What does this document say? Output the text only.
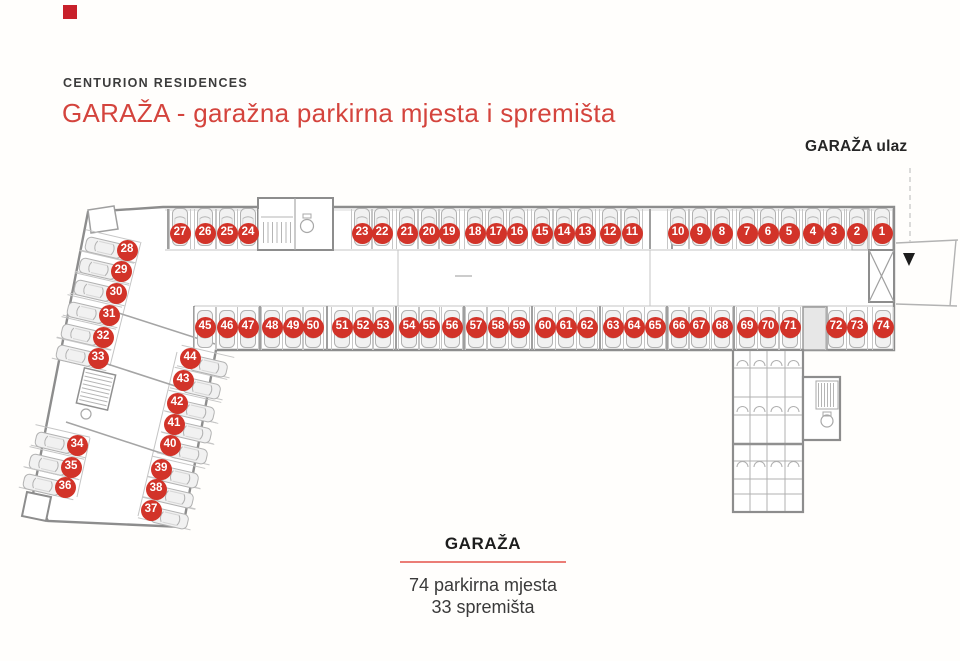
CENTURION RESIDENCES
GARAŽA - garažna parkirna mjesta i spremišta
GARAŽA ulaz
1
2
3
4
5
6
7
8
9
10
11
12
13
14
15
16
17
18
19
20
21
22
23
24
25
26
27
28
29
30
31
32
33
34
35
36
37
38
39
40
41
42
43
44
45 46 47 48 49 50	51 52 53	54 55 56 57 58 59	60 61 62	63 64 65 66 67 68	69 70 71	72 73	74
GARAŽA
74 parkirna mjesta
33 spremišta
